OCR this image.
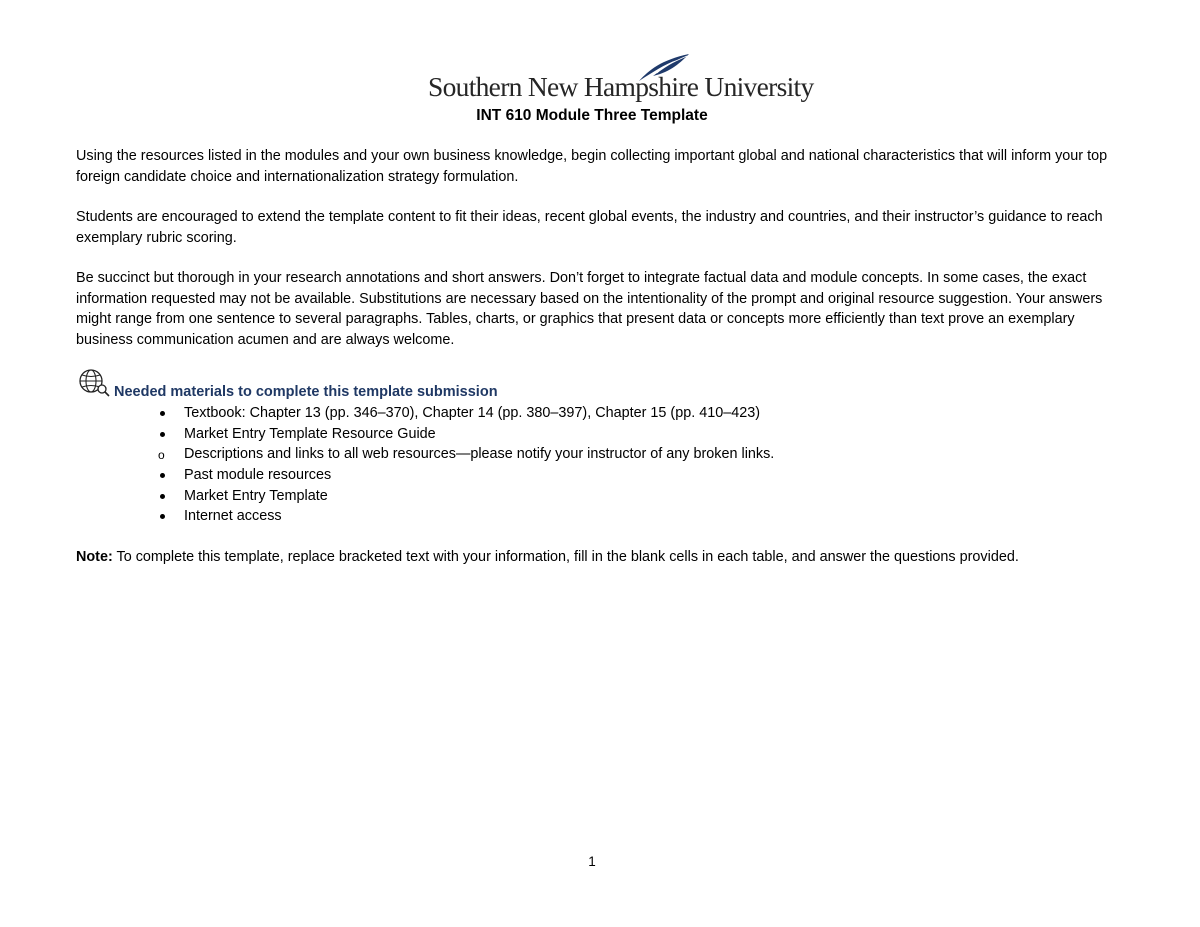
Southern New Hampshire University
INT 610 Module Three Template

Using the resources listed in the modules and your own business knowledge, begin collecting important global and national characteristics that will inform your top foreign candidate choice and internationalization strategy formulation.

Students are encouraged to extend the template content to fit their ideas, recent global events, the industry and countries, and their instructor’s guidance to reach exemplary rubric scoring.

Be succinct but thorough in your research annotations and short answers. Don’t forget to integrate factual data and module concepts. In some cases, the exact information requested may not be available. Substitutions are necessary based on the intentionality of the prompt and original resource suggestion. Your answers might range from one sentence to several paragraphs. Tables, charts, or graphics that present data or concepts more efficiently than text prove an exemplary business communication acumen and are always welcome.

Needed materials to complete this template submission
Textbook: Chapter 13 (pp. 346–370), Chapter 14 (pp. 380–397), Chapter 15 (pp. 410–423)
Market Entry Template Resource Guide
Descriptions and links to all web resources—please notify your instructor of any broken links.
Past module resources
Market Entry Template
Internet access
Note: To complete this template, replace bracketed text with your information, fill in the blank cells in each table, and answer the questions provided.
1
